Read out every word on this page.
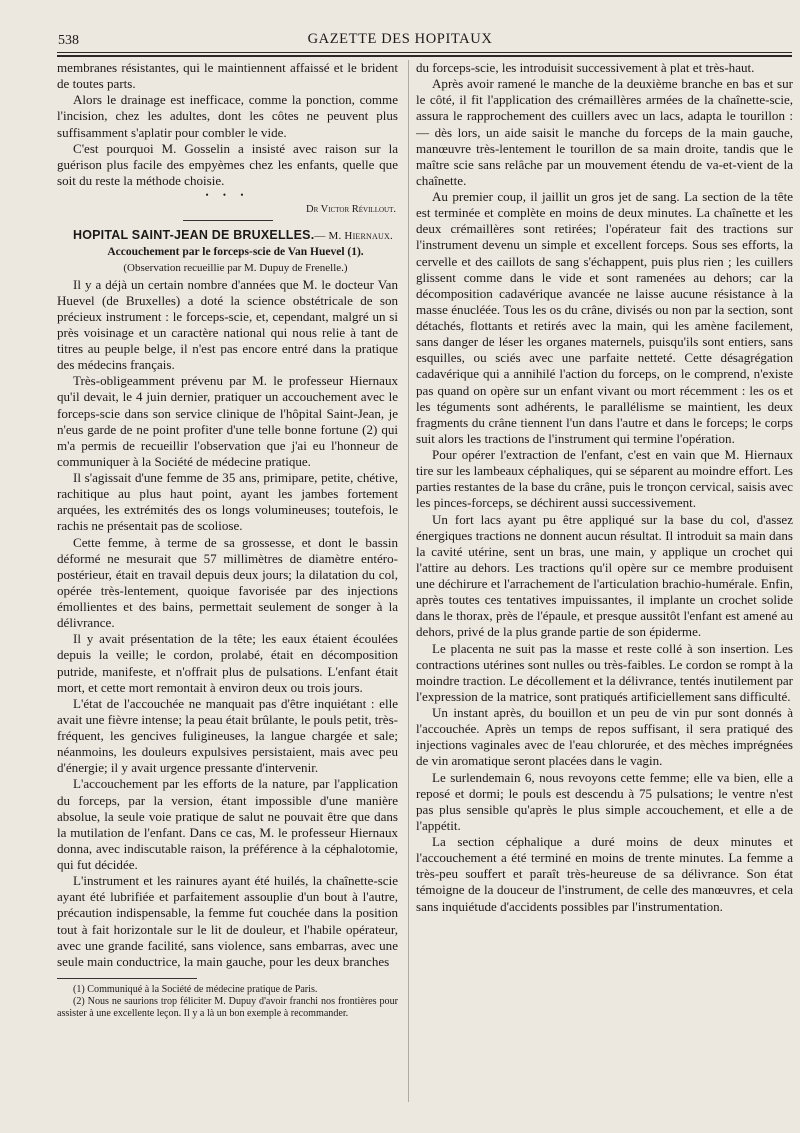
538	GAZETTE DES HOPITAUX

membranes résistantes, qui le maintiennent affaissé et le brident de toutes parts.

Alors le drainage est inefficace, comme la ponction, comme l'incision, chez les adultes, dont les côtes ne peuvent plus suffisamment s'aplatir pour combler le vide.

C'est pourquoi M. Gosselin a insisté avec raison sur la guérison plus facile des empyèmes chez les enfants, quelle que soit du reste la méthode choisie.

• • •

Dr Victor Révillout.

HOPITAL SAINT-JEAN DE BRUXELLES.— M. Hiernaux.

Accouchement par le forceps-scie de Van Huevel (1).

(Observation recueillie par M. Dupuy de Frenelle.)

Il y a déjà un certain nombre d'années que M. le docteur Van Huevel (de Bruxelles) a doté la science obstétricale de son précieux instrument : le forceps-scie, et, cependant, malgré un si près voisinage et un caractère national qui nous relie à tant de titres au peuple belge, il n'est pas encore entré dans la pratique des médecins français.

Très-obligeamment prévenu par M. le professeur Hiernaux qu'il devait, le 4 juin dernier, pratiquer un accouchement avec le forceps-scie dans son service clinique de l'hôpital Saint-Jean, je n'eus garde de ne point profiter d'une telle bonne fortune (2) qui m'a permis de recueillir l'observation que j'ai eu l'honneur de communiquer à la Société de médecine pratique.

Il s'agissait d'une femme de 35 ans, primipare, petite, chétive, rachitique au plus haut point, ayant les jambes fortement arquées, les extrémités des os longs volumineuses; toutefois, le rachis ne présentait pas de scoliose.

Cette femme, à terme de sa grossesse, et dont le bassin déformé ne mesurait que 57 millimètres de diamètre entéro-postérieur, était en travail depuis deux jours; la dilatation du col, opérée très-lentement, quoique favorisée par des injections émollientes et des bains, permettait seulement de songer à la délivrance.

Il y avait présentation de la tête; les eaux étaient écoulées depuis la veille; le cordon, prolabé, était en décomposition putride, manifeste, et n'offrait plus de pulsations. L'enfant était mort, et cette mort remontait à environ deux ou trois jours.

L'état de l'accouchée ne manquait pas d'être inquiétant : elle avait une fièvre intense; la peau était brûlante, le pouls petit, très-fréquent, les gencives fuligineuses, la langue chargée et sale; néanmoins, les douleurs expulsives persistaient, mais avec peu d'énergie; il y avait urgence pressante d'intervenir.

L'accouchement par les efforts de la nature, par l'application du forceps, par la version, étant impossible d'une manière absolue, la seule voie pratique de salut ne pouvait être que dans la mutilation de l'enfant. Dans ce cas, M. le professeur Hiernaux donna, avec indiscutable raison, la préférence à la céphalotomie, qui fut décidée.

L'instrument et les rainures ayant été huilés, la chaînette-scie ayant été lubrifiée et parfaitement assouplie d'un bout à l'autre, précaution indispensable, la femme fut couchée dans la position tout à fait horizontale sur le lit de douleur, et l'habile opérateur, avec une grande facilité, sans violence, sans embarras, avec une seule main conductrice, la main gauche, pour les deux branches

(1) Communiqué à la Société de médecine pratique de Paris.

(2) Nous ne saurions trop féliciter M. Dupuy d'avoir franchi nos frontières pour assister à une excellente leçon. Il y a là un bon exemple à recommander.

du forceps-scie, les introduisit successivement à plat et très-haut.

Après avoir ramené le manche de la deuxième branche en bas et sur le côté, il fit l'application des crémaillères armées de la chaînette-scie, assura le rapprochement des cuillers avec un lacs, adapta le tourillon : — dès lors, un aide saisit le manche du forceps de la main gauche, manœuvre très-lentement le tourillon de sa main droite, tandis que le maître scie sans relâche par un mouvement étendu de va-et-vient de la chaînette.

Au premier coup, il jaillit un gros jet de sang. La section de la tête est terminée et complète en moins de deux minutes. La chaînette et les deux crémaillères sont retirées; l'opérateur fait des tractions sur l'instrument devenu un simple et excellent forceps. Sous ses efforts, la cervelle et des caillots de sang s'échappent, puis plus rien ; les cuillers glissent comme dans le vide et sont ramenées au dehors; car la décomposition cadavérique avancée ne laisse aucune résistance à la masse énucléée. Tous les os du crâne, divisés ou non par la section, sont détachés, flottants et retirés avec la main, qui les amène facilement, sans danger de léser les organes maternels, puisqu'ils sont entiers, sans esquilles, ou sciés avec une parfaite netteté. Cette désagrégation cadavérique qui a annihilé l'action du forceps, on le comprend, n'existe pas quand on opère sur un enfant vivant ou mort récemment : les os et les téguments sont adhérents, le parallélisme se maintient, les deux fragments du crâne tiennent l'un dans l'autre et dans le forceps; le corps suit alors les tractions de l'instrument qui termine l'opération.

Pour opérer l'extraction de l'enfant, c'est en vain que M. Hiernaux tire sur les lambeaux céphaliques, qui se séparent au moindre effort. Les parties restantes de la base du crâne, puis le tronçon cervical, saisis avec les pinces-forceps, se déchirent aussi successivement.

Un fort lacs ayant pu être appliqué sur la base du col, d'assez énergiques tractions ne donnent aucun résultat. Il introduit sa main dans la cavité utérine, sent un bras, une main, y applique un crochet qui l'attire au dehors. Les tractions qu'il opère sur ce membre produisent une déchirure et l'arrachement de l'articulation brachio-humérale. Enfin, après toutes ces tentatives impuissantes, il implante un crochet solide dans le thorax, près de l'épaule, et presque aussitôt l'enfant est amené au dehors, privé de la plus grande partie de son épiderme.

Le placenta ne suit pas la masse et reste collé à son insertion. Les contractions utérines sont nulles ou très-faibles. Le cordon se rompt à la moindre traction. Le décollement et la délivrance, tentés inutilement par l'expression de la matrice, sont pratiqués artificiellement sans difficulté.

Un instant après, du bouillon et un peu de vin pur sont donnés à l'accouchée. Après un temps de repos suffisant, il sera pratiqué des injections vaginales avec de l'eau chlorurée, et des mèches imprégnées de vin aromatique seront placées dans le vagin.

Le surlendemain 6, nous revoyons cette femme; elle va bien, elle a reposé et dormi; le pouls est descendu à 75 pulsations; le ventre n'est pas plus sensible qu'après le plus simple accouchement, et elle a de l'appétit.

La section céphalique a duré moins de deux minutes et l'accouchement a été terminé en moins de trente minutes. La femme a très-peu souffert et paraît très-heureuse de sa délivrance. Son état témoigne de la douceur de l'instrument, de celle des manœuvres, et cela sans inquiétude d'accidents possibles par l'instrumentation.
